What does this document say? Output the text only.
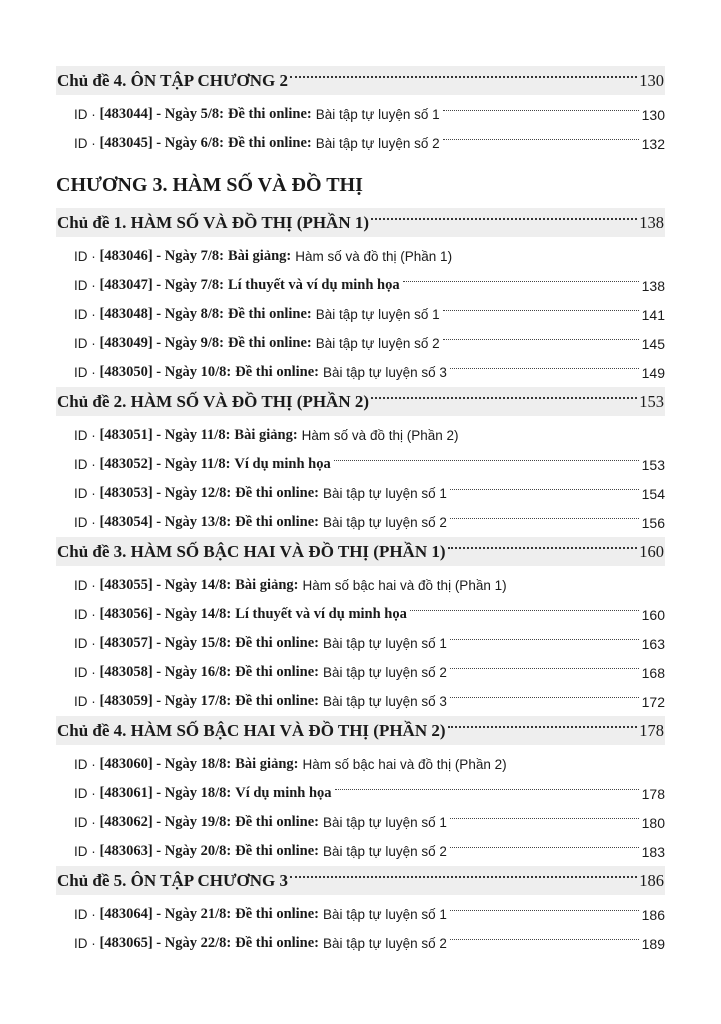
Chủ đề 4. ÔN TẬP CHƯƠNG 2	130
ID · [483044] - Ngày 5/8: Đề thi online: Bài tập tự luyện số 1	130
ID · [483045] - Ngày 6/8: Đề thi online: Bài tập tự luyện số 2	132
CHƯƠNG 3. HÀM SỐ VÀ ĐỒ THỊ
Chủ đề 1. HÀM SỐ VÀ ĐỒ THỊ (PHẦN 1)	138
ID · [483046] - Ngày 7/8: Bài giảng: Hàm số và đồ thị (Phần 1)
ID · [483047] - Ngày 7/8: Lí thuyết và ví dụ minh họa	138
ID · [483048] - Ngày 8/8: Đề thi online: Bài tập tự luyện số 1	141
ID · [483049] - Ngày 9/8: Đề thi online: Bài tập tự luyện số 2	145
ID · [483050] - Ngày 10/8: Đề thi online: Bài tập tự luyện số 3	149
Chủ đề 2. HÀM SỐ VÀ ĐỒ THỊ (PHẦN 2)	153
ID · [483051] - Ngày 11/8: Bài giảng: Hàm số và đồ thị (Phần 2)
ID · [483052] - Ngày 11/8: Ví dụ minh họa	153
ID · [483053] - Ngày 12/8: Đề thi online: Bài tập tự luyện số 1	154
ID · [483054] - Ngày 13/8: Đề thi online: Bài tập tự luyện số 2	156
Chủ đề 3. HÀM SỐ BẬC HAI VÀ ĐỒ THỊ (PHẦN 1)	160
ID · [483055] - Ngày 14/8: Bài giảng: Hàm số bậc hai và đồ thị (Phần 1)
ID · [483056] - Ngày 14/8: Lí thuyết và ví dụ minh họa	160
ID · [483057] - Ngày 15/8: Đề thi online: Bài tập tự luyện số 1	163
ID · [483058] - Ngày 16/8: Đề thi online: Bài tập tự luyện số 2	168
ID · [483059] - Ngày 17/8: Đề thi online: Bài tập tự luyện số 3	172
Chủ đề 4. HÀM SỐ BẬC HAI VÀ ĐỒ THỊ (PHẦN 2)	178
ID · [483060] - Ngày 18/8: Bài giảng: Hàm số bậc hai và đồ thị (Phần 2)
ID · [483061] - Ngày 18/8: Ví dụ minh họa	178
ID · [483062] - Ngày 19/8: Đề thi online: Bài tập tự luyện số 1	180
ID · [483063] - Ngày 20/8: Đề thi online: Bài tập tự luyện số 2	183
Chủ đề 5. ÔN TẬP CHƯƠNG 3	186
ID · [483064] - Ngày 21/8: Đề thi online: Bài tập tự luyện số 1	186
ID · [483065] - Ngày 22/8: Đề thi online: Bài tập tự luyện số 2	189
